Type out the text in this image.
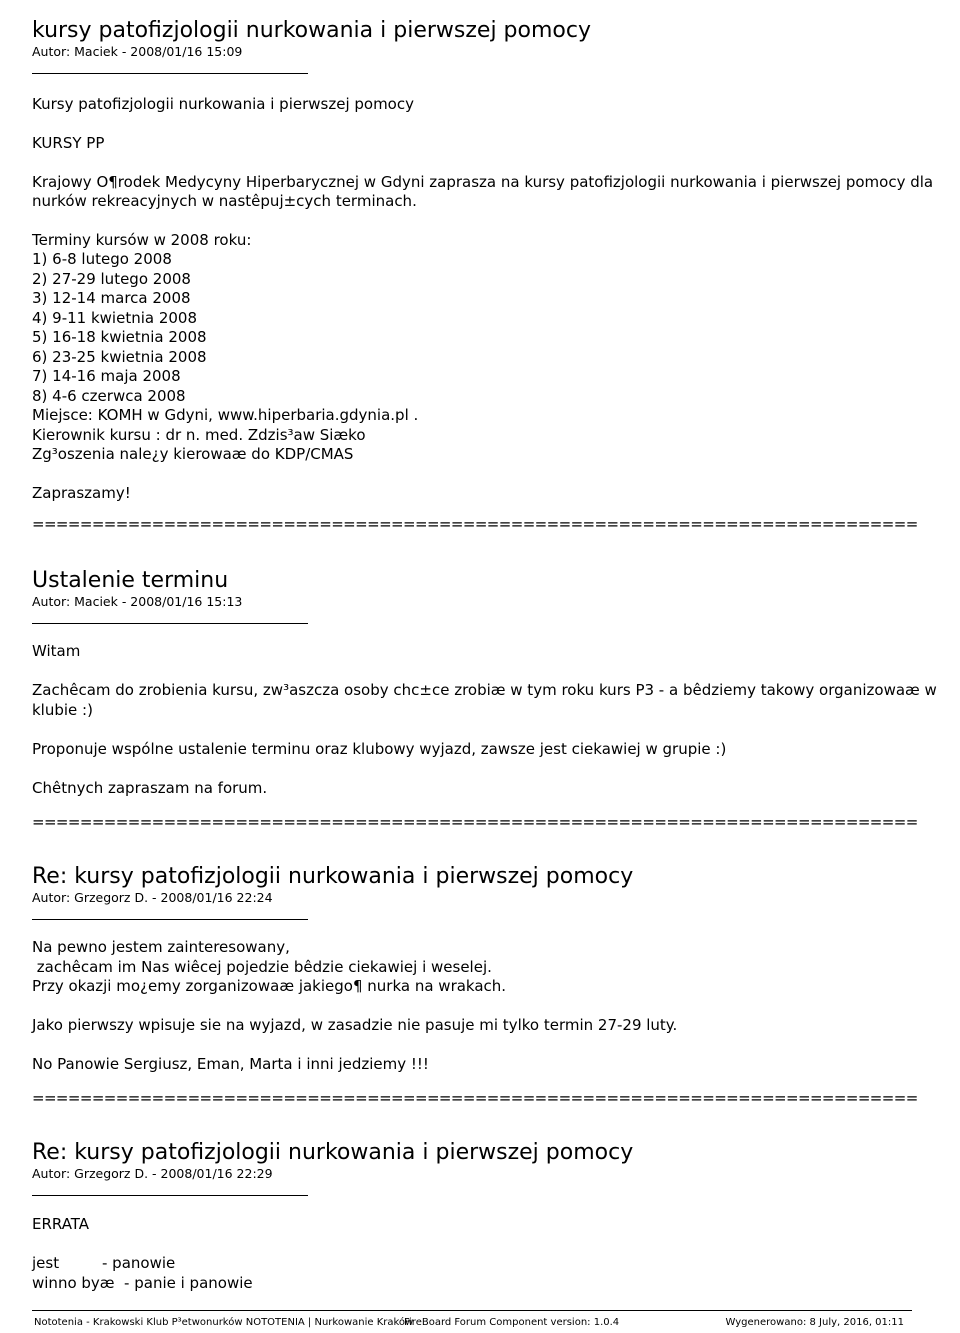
kursy patofizjologii nurkowania i pierwszej pomocy
Autor: Maciek - 2008/01/16 15:09
Kursy patofizjologii nurkowania i pierwszej pomocy
KURSY PP
Krajowy O¶rodek Medycyny Hiperbarycznej w Gdyni zaprasza na kursy patofizjologii nurkowania i pierwszej pomocy dla
nurków rekreacyjnych w nastêpuj±cych terminach.
Terminy kursów w 2008 roku:
1) 6-8 lutego 2008
2) 27-29 lutego 2008
3) 12-14 marca 2008
4) 9-11 kwietnia 2008
5) 16-18 kwietnia 2008
6) 23-25 kwietnia 2008
7) 14-16 maja 2008
8) 4-6 czerwca 2008
Miejsce: KOMH w Gdyni, www.hiperbaria.gdynia.pl .
Kierownik kursu : dr n. med. Zdzis³aw Siæko
Zg³oszenia nale¿y kierowaæ do KDP/CMAS
Zapraszamy!
==========================================================================
Ustalenie terminu
Autor: Maciek - 2008/01/16 15:13
Witam
Zachêcam do zrobienia kursu, zw³aszcza osoby chc±ce zrobiæ w tym roku kurs P3 - a bêdziemy takowy organizowaæ w
klubie :)
Proponuje wspólne ustalenie terminu oraz klubowy wyjazd, zawsze jest ciekawiej w grupie :)
Chêtnych zapraszam na forum.
==========================================================================
Re: kursy patofizjologii nurkowania i pierwszej pomocy
Autor: Grzegorz D. - 2008/01/16 22:24
Na pewno jestem zainteresowany,
zachêcam im Nas wiêcej pojedzie bêdzie ciekawiej i weselej.
Przy okazji mo¿emy zorganizowaæ jakiego¶ nurka na wrakach.
Jako pierwszy wpisuje sie na wyjazd, w zasadzie nie pasuje mi tylko termin 27-29 luty.
No Panowie Sergiusz, Eman, Marta i inni jedziemy !!!
==========================================================================
Re: kursy patofizjologii nurkowania i pierwszej pomocy
Autor: Grzegorz D. - 2008/01/16 22:29
ERRATA
jest         - panowie
winno byæ  - panie i panowie
Nototenia - Krakowski Klub P³etwonurków NOTOTENIA | Nurkowanie Kraków
FireBoard Forum Component version: 1.0.4	Wygenerowano: 8 July, 2016, 01:11
